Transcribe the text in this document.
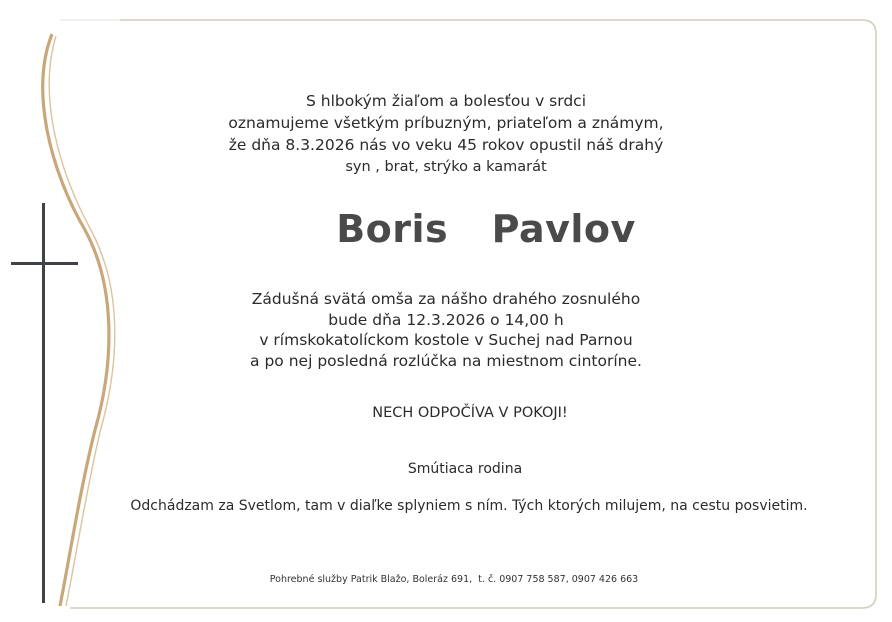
S hlbokým žiaľom a bolesťou v srdci
oznamujeme všetkým príbuzným, priateľom a známym,
že dňa 8.3.2026 nás vo veku 45 rokov opustil náš drahý
syn , brat, strýko a kamarát
Boris  Pavlov
Zádušná svätá omša za nášho drahého zosnulého
bude dňa 12.3.2026 o 14,00 h
v rímskokatolíckom kostole v Suchej nad Parnou
a po nej posledná rozlúčka na miestnom cintoríne.
NECH ODPOČÍVA V POKOJI!
Smútiaca rodina
Odchádzam za Svetlom, tam v diaľke splyniem s ním. Tých ktorých milujem, na cestu posvietim.
Pohrebné služby Patrik Blažo, Boleráz 691,  t. č. 0907 758 587, 0907 426 663
